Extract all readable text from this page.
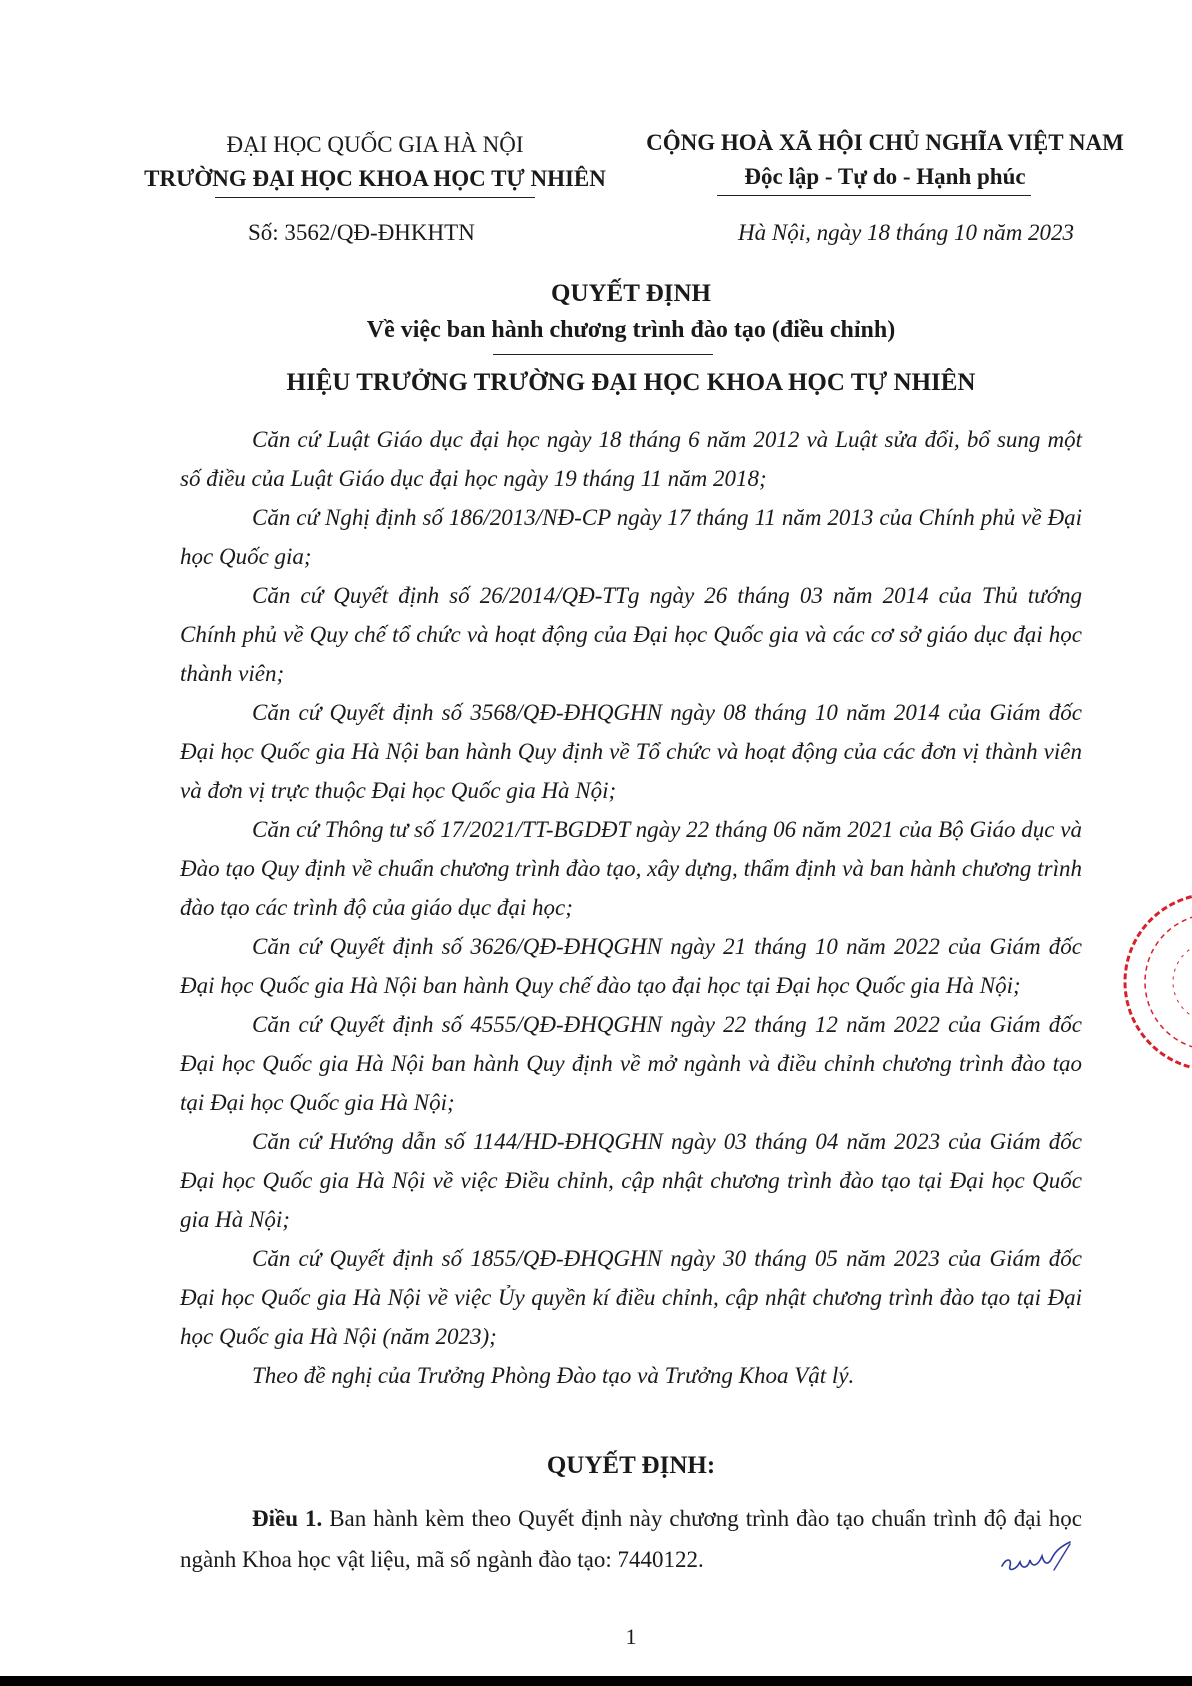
ĐẠI HỌC QUỐC GIA HÀ NỘI
TRƯỜNG ĐẠI HỌC KHOA HỌC TỰ NHIÊN
CỘNG HOÀ XÃ HỘI CHỦ NGHĨA VIỆT NAM
Độc lập - Tự do - Hạnh phúc
Số: 3562/QĐ-ĐHKHTN	Hà Nội, ngày 18 tháng 10 năm 2023
QUYẾT ĐỊNH
Về việc ban hành chương trình đào tạo (điều chỉnh)
HIỆU TRƯỞNG TRƯỜNG ĐẠI HỌC KHOA HỌC TỰ NHIÊN

Căn cứ Luật Giáo dục đại học ngày 18 tháng 6 năm 2012 và Luật sửa đổi, bổ sung một số điều của Luật Giáo dục đại học ngày 19 tháng 11 năm 2018;

Căn cứ Nghị định số 186/2013/NĐ-CP ngày 17 tháng 11 năm 2013 của Chính phủ về Đại học Quốc gia;

Căn cứ Quyết định số 26/2014/QĐ-TTg ngày 26 tháng 03 năm 2014 của Thủ tướng Chính phủ về Quy chế tổ chức và hoạt động của Đại học Quốc gia và các cơ sở giáo dục đại học thành viên;

Căn cứ Quyết định số 3568/QĐ-ĐHQGHN ngày 08 tháng 10 năm 2014 của Giám đốc Đại học Quốc gia Hà Nội ban hành Quy định về Tổ chức và hoạt động của các đơn vị thành viên và đơn vị trực thuộc Đại học Quốc gia Hà Nội;

Căn cứ Thông tư số 17/2021/TT-BGDĐT ngày 22 tháng 06 năm 2021 của Bộ Giáo dục và Đào tạo Quy định về chuẩn chương trình đào tạo, xây dựng, thẩm định và ban hành chương trình đào tạo các trình độ của giáo dục đại học;

Căn cứ Quyết định số 3626/QĐ-ĐHQGHN ngày 21 tháng 10 năm 2022 của Giám đốc Đại học Quốc gia Hà Nội ban hành Quy chế đào tạo đại học tại Đại học Quốc gia Hà Nội;

Căn cứ Quyết định số 4555/QĐ-ĐHQGHN ngày 22 tháng 12 năm 2022 của Giám đốc Đại học Quốc gia Hà Nội ban hành Quy định về mở ngành và điều chỉnh chương trình đào tạo tại Đại học Quốc gia Hà Nội;

Căn cứ Hướng dẫn số 1144/HD-ĐHQGHN ngày 03 tháng 04 năm 2023 của Giám đốc Đại học Quốc gia Hà Nội về việc Điều chỉnh, cập nhật chương trình đào tạo tại Đại học Quốc gia Hà Nội;

Căn cứ Quyết định số 1855/QĐ-ĐHQGHN ngày 30 tháng 05 năm 2023 của Giám đốc Đại học Quốc gia Hà Nội về việc Ủy quyền kí điều chỉnh, cập nhật chương trình đào tạo tại Đại học Quốc gia Hà Nội (năm 2023);

Theo đề nghị của Trưởng Phòng Đào tạo và Trưởng Khoa Vật lý.

QUYẾT ĐỊNH:

Điều 1. Ban hành kèm theo Quyết định này chương trình đào tạo chuẩn trình độ đại học ngành Khoa học vật liệu, mã số ngành đào tạo: 7440122.

1
